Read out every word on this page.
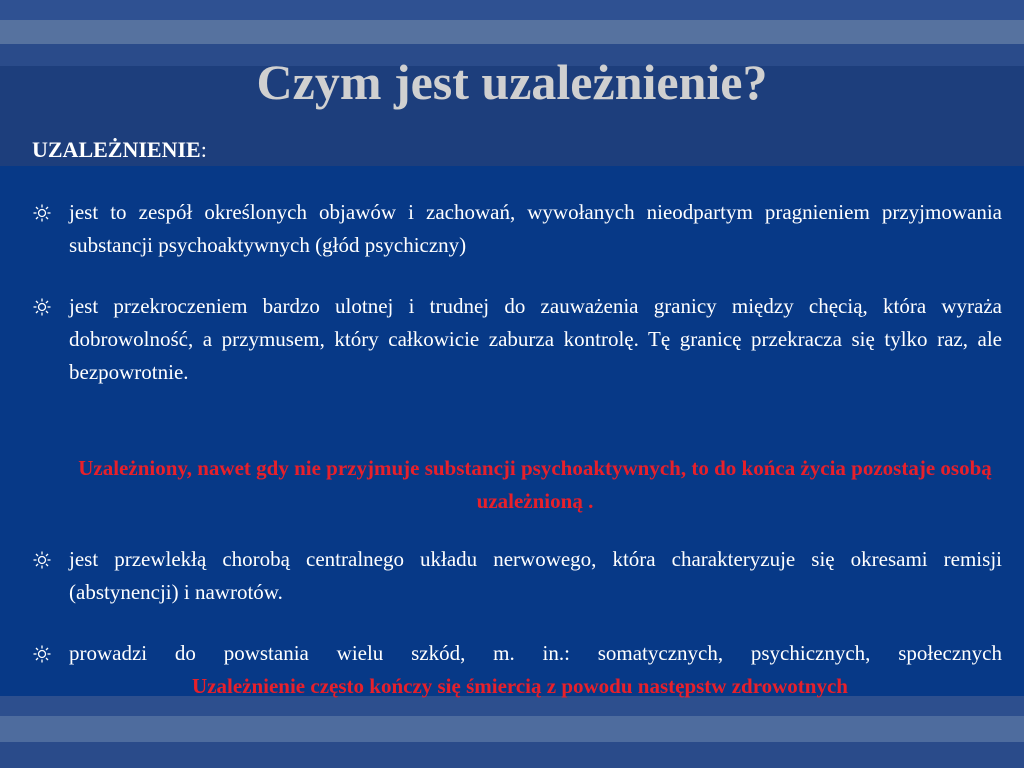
Czym jest uzależnienie?
UZALEŻNIENIE:
jest to zespół określonych objawów i zachowań, wywołanych nieodpartym pragnieniem przyjmowania substancji psychoaktywnych (głód psychiczny)
jest przekroczeniem bardzo ulotnej i trudnej do zauważenia granicy między chęcią, która wyraża dobrowolność, a przymusem, który całkowicie zaburza kontrolę. Tę granicę przekracza się tylko raz, ale bezpowrotnie.
Uzależniony, nawet gdy nie przyjmuje substancji psychoaktywnych, to do końca życia pozostaje osobą uzależnioną .
jest przewlekłą chorobą centralnego układu nerwowego, która charakteryzuje się okresami remisji (abstynencji) i nawrotów.
prowadzi do powstania wielu szkód, m. in.: somatycznych, psychicznych, społecznych
Uzależnienie często kończy się śmiercią z powodu następstw zdrowotnych
